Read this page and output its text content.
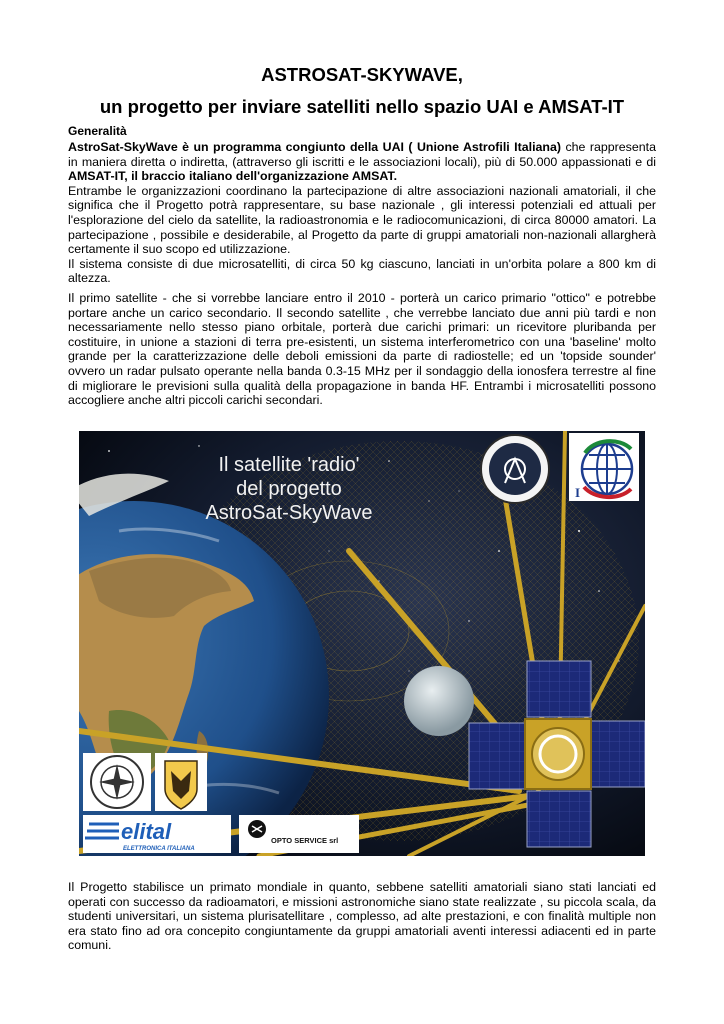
ASTROSAT-SKYWAVE,
un progetto per inviare satelliti nello spazio UAI e AMSAT-IT
Generalità

AstroSat-SkyWave è un programma congiunto della UAI ( Unione Astrofili Italiana) che rappresenta in maniera diretta o indiretta, (attraverso gli iscritti e le associazioni locali), più di 50.000 appassionati e di AMSAT-IT, il braccio italiano dell'organizzazione AMSAT.
Entrambe le organizzazioni coordinano la partecipazione di altre associazioni nazionali amatoriali, il che significa che il Progetto potrà rappresentare, su base nazionale , gli interessi potenziali ed attuali per l'esplorazione del cielo da satellite, la radioastronomia e le radiocomunicazioni, di circa 80000 amatori. La partecipazione , possibile e desiderabile, al Progetto da parte di gruppi amatoriali non-nazionali allargherà certamente il suo scopo ed utilizzazione.
Il sistema consiste di due microsatelliti, di circa 50 kg ciascuno, lanciati in un'orbita polare a 800 km di altezza.

Il primo satellite - che si vorrebbe lanciare entro il 2010 - porterà un carico primario "ottico" e potrebbe portare anche un carico secondario. Il secondo satellite , che verrebbe lanciato due anni più tardi e non necessariamente nello stesso piano orbitale, porterà due carichi primari: un ricevitore pluribanda per costituire, in unione a stazioni di terra pre-esistenti, un sistema interferometrico con una 'baseline' molto grande per la caratterizzazione delle deboli emissioni da parte di radiostelle; ed un 'topside sounder' ovvero un radar pulsato operante nella banda 0.3-15 MHz per il sondaggio della ionosfera terrestre al fine di migliorare le previsioni sulla qualità della propagazione in banda HF. Entrambi i microsatelliti possono accogliere anche altri piccoli carichi secondari.

Il satellite 'radio'
del progetto
AstroSat-SkyWave
I
elital
ELETTRONICA ITALIANA
OPTO SERVICE srl

Il Progetto stabilisce un primato mondiale in quanto, sebbene satelliti amatoriali siano stati lanciati ed operati con successo da radioamatori, e missioni astronomiche siano state realizzate , su piccola scala, da studenti universitari, un sistema plurisatellitare , complesso, ad alte prestazioni, e con finalità multiple non era stato fino ad ora concepito congiuntamente da gruppi amatoriali aventi interessi adiacenti ed in parte comuni.
